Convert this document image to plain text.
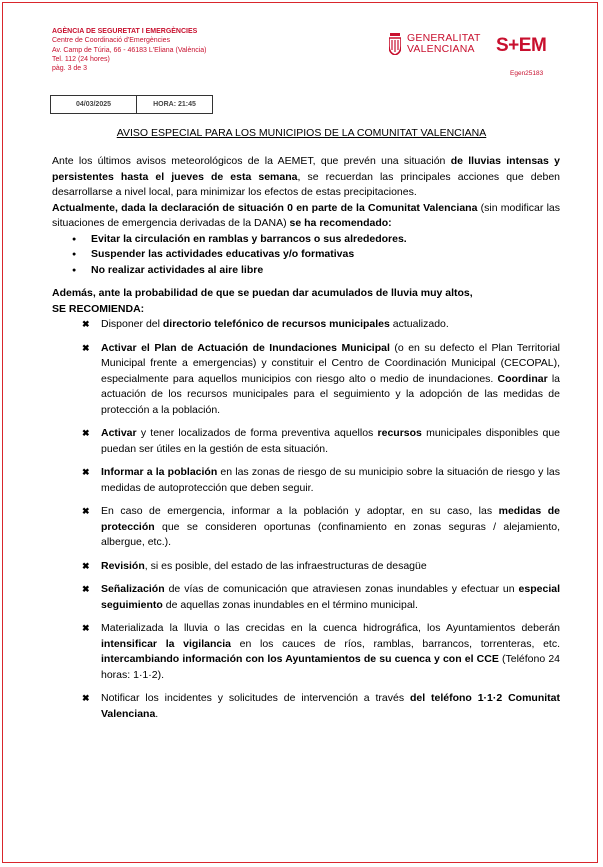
AGÈNCIA DE SEGURETAT I EMERGÈNCIES
Centre de Coordinació d'Emergències
Av. Camp de Túria, 66 - 46183 L'Eliana (València)
Tel. 112 (24 hores)
pàg. 3 de 3
GENERALITAT
VALENCIANA	S+EM
Egen25183
04/03/2025	HORA: 21:45
AVISO ESPECIAL PARA LOS MUNICIPIOS DE LA COMUNITAT VALENCIANA

Ante los últimos avisos meteorológicos de la AEMET, que prevén una situación de lluvias intensas y persistentes hasta el jueves de esta semana, se recuerdan las principales acciones que deben desarrollarse a nivel local, para minimizar los efectos de estas precipitaciones.

Actualmente, dada la declaración de situación 0 en parte de la Comunitat Valenciana (sin modificar las situaciones de emergencia derivadas de la DANA) se ha recomendado:

● Evitar la circulación en ramblas y barrancos o sus alrededores.
● Suspender las actividades educativas y/o formativas
● No realizar actividades al aire libre

Además, ante la probabilidad de que se puedan dar acumulados de lluvia muy altos,
SE RECOMIENDA:

✖ Disponer del directorio telefónico de recursos municipales actualizado.
✖ Activar el Plan de Actuación de Inundaciones Municipal (o en su defecto el Plan Territorial Municipal frente a emergencias) y constituir el Centro de Coordinación Municipal (CECOPAL), especialmente para aquellos municipios con riesgo alto o medio de inundaciones. Coordinar la actuación de los recursos municipales para el seguimiento y la adopción de las medidas de protección a la población.
✖ Activar y tener localizados de forma preventiva aquellos recursos municipales disponibles que puedan ser útiles en la gestión de esta situación.
✖ Informar a la población en las zonas de riesgo de su municipio sobre la situación de riesgo y las medidas de autoprotección que deben seguir.
✖ En caso de emergencia, informar a la población y adoptar, en su caso, las medidas de protección que se consideren oportunas (confinamiento en zonas seguras / alejamiento, albergue, etc.).
✖ Revisión, si es posible, del estado de las infraestructuras de desagüe
✖ Señalización de vías de comunicación que atraviesen zonas inundables y efectuar un especial seguimiento de aquellas zonas inundables en el término municipal.
✖ Materializada la lluvia o las crecidas en la cuenca hidrográfica, los Ayuntamientos deberán intensificar la vigilancia en los cauces de ríos, ramblas, barrancos, torrenteras, etc. intercambiando información con los Ayuntamientos de su cuenca y con el CCE (Teléfono 24 horas: 1·1·2).
✖ Notificar los incidentes y solicitudes de intervención a través del teléfono 1·1·2 Comunitat Valenciana.
